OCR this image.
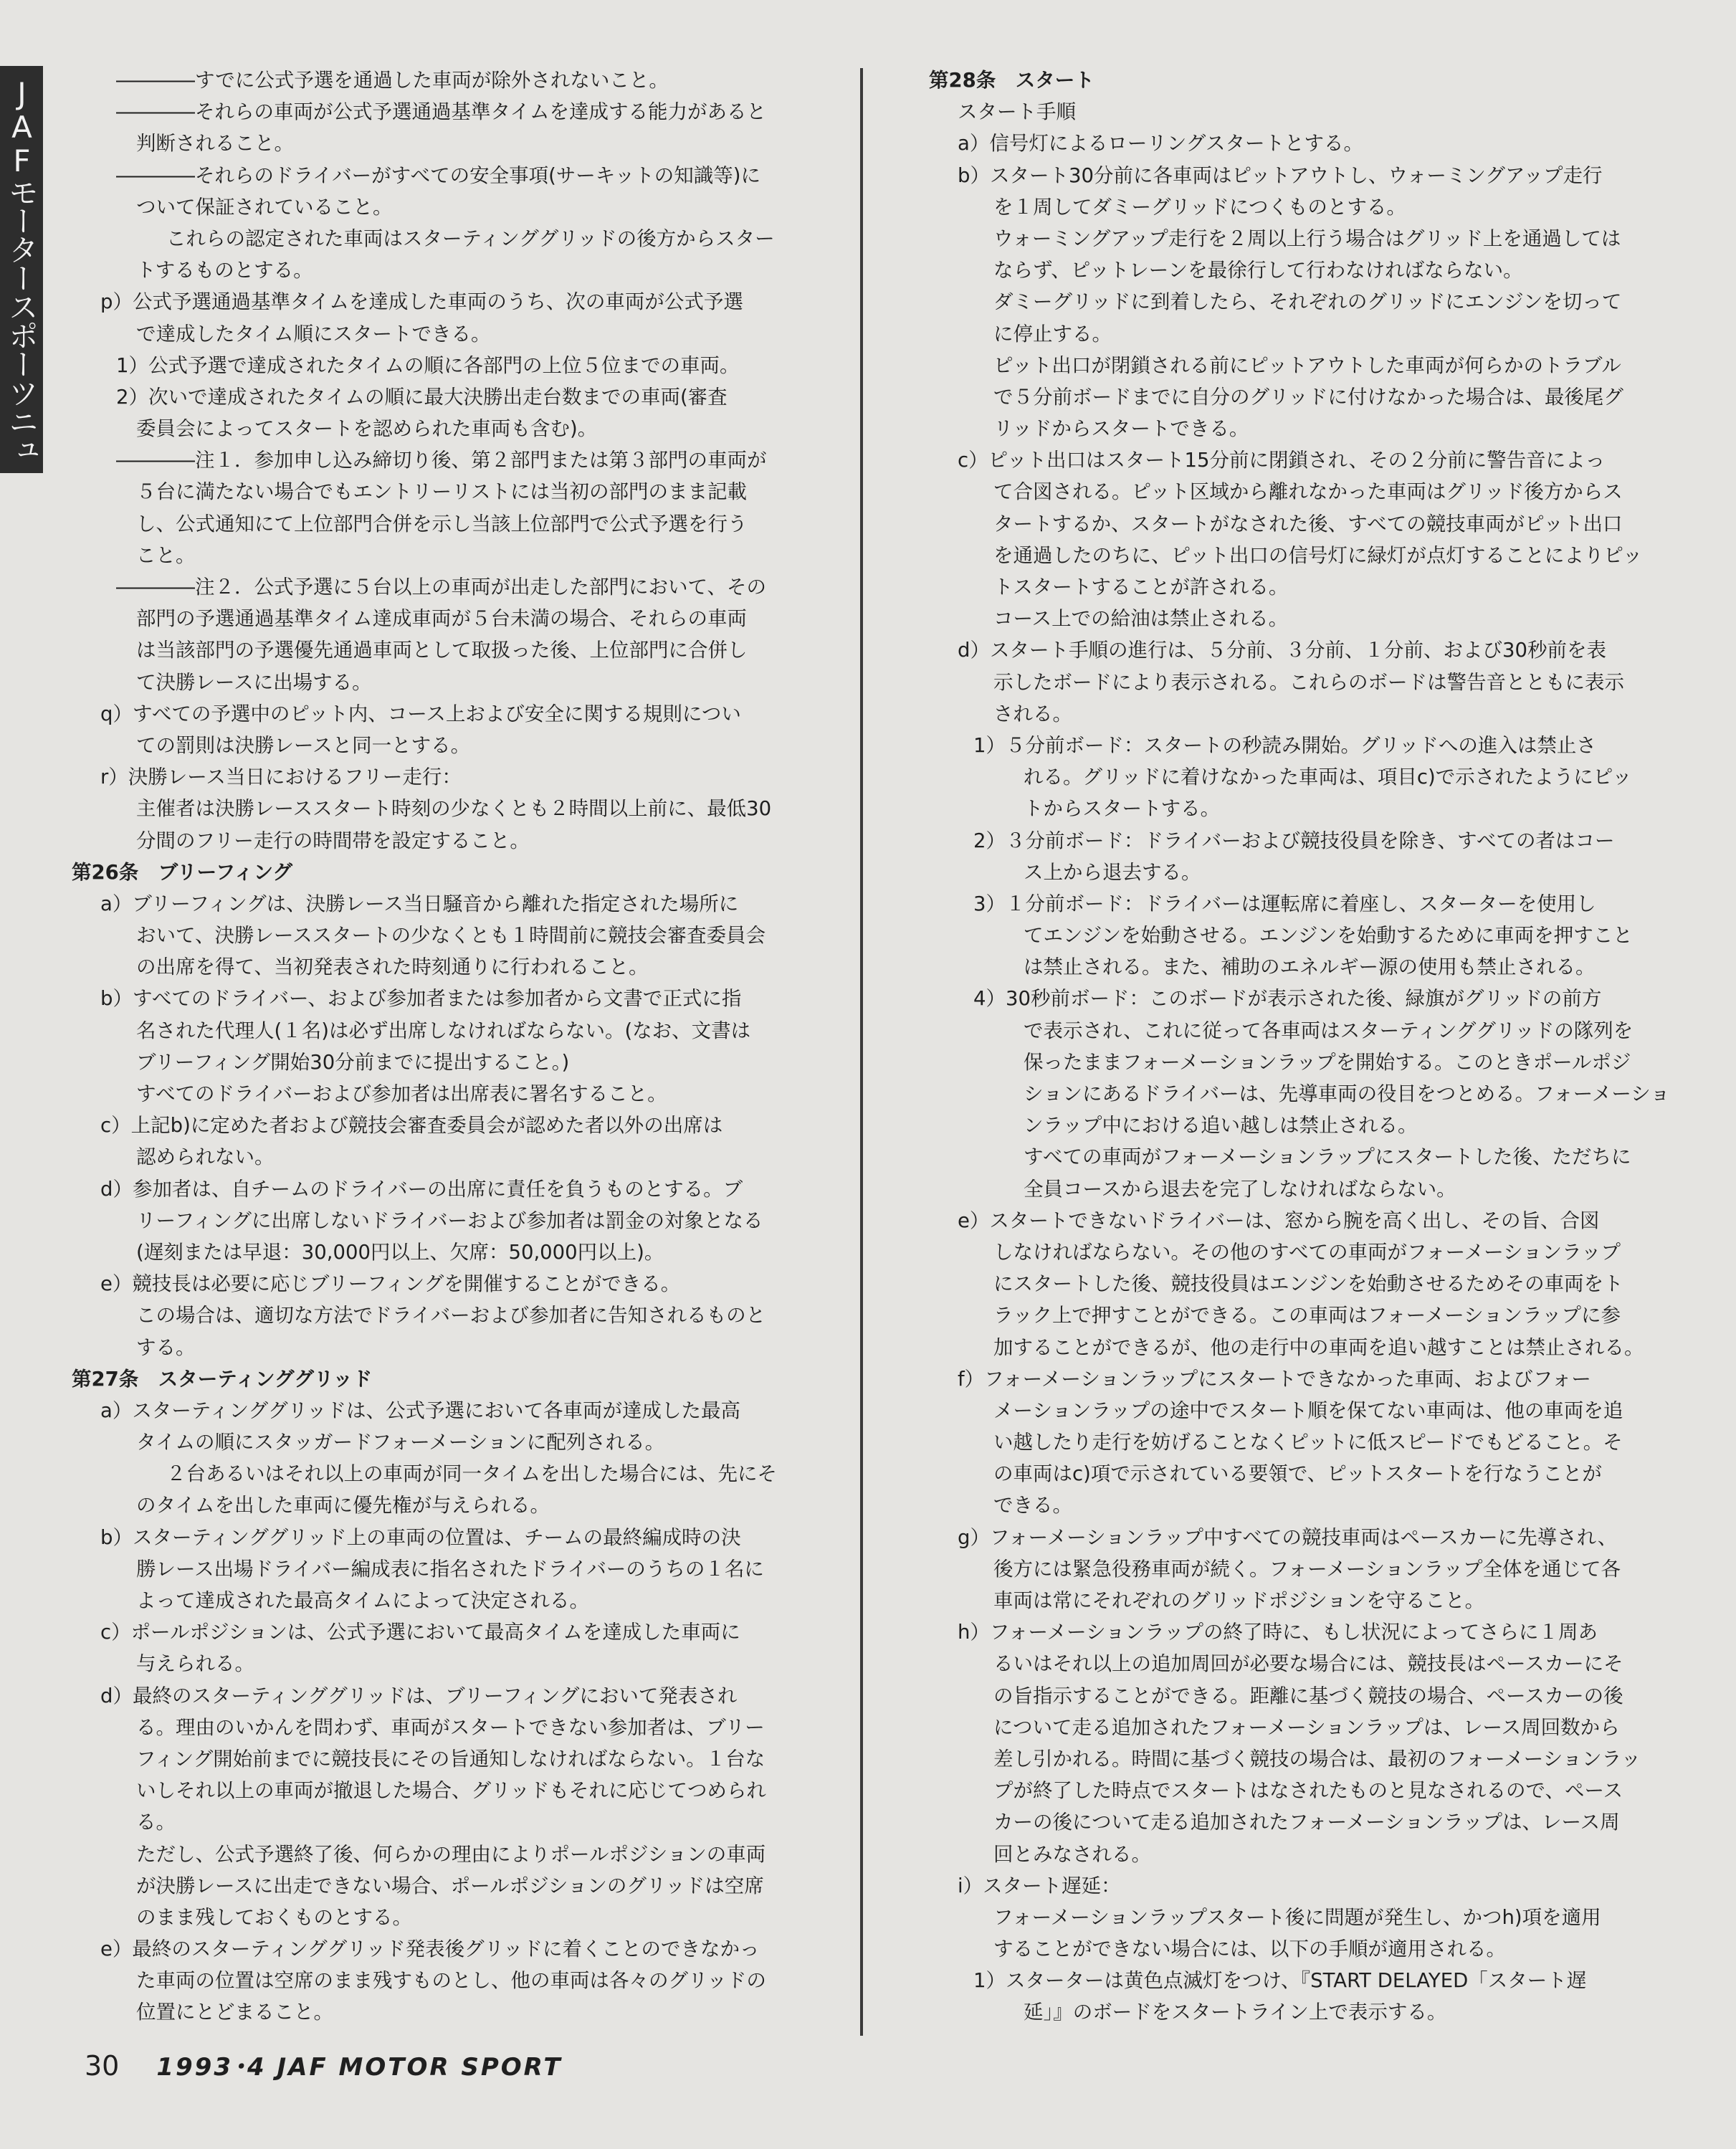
JAFモータースポーツニュ
――――すでに公式予選を通過した車両が除外されないこと。
――――それらの車両が公式予選通過基準タイムを達成する能力があると
判断されること。
――――それらのドライバーがすべての安全事項(サーキットの知識等)に
ついて保証されていること。
これらの認定された車両はスターティンググリッドの後方からスター
トするものとする。
p）公式予選通過基準タイムを達成した車両のうち、次の車両が公式予選
で達成したタイム順にスタートできる。
1）公式予選で達成されたタイムの順に各部門の上位５位までの車両。
2）次いで達成されたタイムの順に最大決勝出走台数までの車両(審査
委員会によってスタートを認められた車両も含む)。
――――注１．参加申し込み締切り後、第２部門または第３部門の車両が
５台に満たない場合でもエントリーリストには当初の部門のまま記載
し、公式通知にて上位部門合併を示し当該上位部門で公式予選を行う
こと。
――――注２．公式予選に５台以上の車両が出走した部門において、その
部門の予選通過基準タイム達成車両が５台未満の場合、それらの車両
は当該部門の予選優先通過車両として取扱った後、上位部門に合併し
て決勝レースに出場する。
q）すべての予選中のピット内、コース上および安全に関する規則につい
ての罰則は決勝レースと同一とする。
r）決勝レース当日におけるフリー走行：
主催者は決勝レーススタート時刻の少なくとも２時間以上前に、最低30
分間のフリー走行の時間帯を設定すること。
第26条　ブリーフィング
a）ブリーフィングは、決勝レース当日騒音から離れた指定された場所に
おいて、決勝レーススタートの少なくとも１時間前に競技会審査委員会
の出席を得て、当初発表された時刻通りに行われること。
b）すべてのドライバー、および参加者または参加者から文書で正式に指
名された代理人(１名)は必ず出席しなければならない。(なお、文書は
ブリーフィング開始30分前までに提出すること。)
すべてのドライバーおよび参加者は出席表に署名すること。
c）上記b)に定めた者および競技会審査委員会が認めた者以外の出席は
認められない。
d）参加者は、自チームのドライバーの出席に責任を負うものとする。ブ
リーフィングに出席しないドライバーおよび参加者は罰金の対象となる
(遅刻または早退：30,000円以上、欠席：50,000円以上)。
e）競技長は必要に応じブリーフィングを開催することができる。
この場合は、適切な方法でドライバーおよび参加者に告知されるものと
する。
第27条　スターティンググリッド
a）スターティンググリッドは、公式予選において各車両が達成した最高
タイムの順にスタッガードフォーメーションに配列される。
２台あるいはそれ以上の車両が同一タイムを出した場合には、先にそ
のタイムを出した車両に優先権が与えられる。
b）スターティンググリッド上の車両の位置は、チームの最終編成時の決
勝レース出場ドライバー編成表に指名されたドライバーのうちの１名に
よって達成された最高タイムによって決定される。
c）ポールポジションは、公式予選において最高タイムを達成した車両に
与えられる。
d）最終のスターティンググリッドは、ブリーフィングにおいて発表され
る。理由のいかんを問わず、車両がスタートできない参加者は、ブリー
フィング開始前までに競技長にその旨通知しなければならない。１台な
いしそれ以上の車両が撤退した場合、グリッドもそれに応じてつめられ
る。
ただし、公式予選終了後、何らかの理由によりポールポジションの車両
が決勝レースに出走できない場合、ポールポジションのグリッドは空席
のまま残しておくものとする。
e）最終のスターティンググリッド発表後グリッドに着くことのできなかっ
た車両の位置は空席のまま残すものとし、他の車両は各々のグリッドの
位置にとどまること。
第28条　スタート
スタート手順
a）信号灯によるローリングスタートとする。
b）スタート30分前に各車両はピットアウトし、ウォーミングアップ走行
を１周してダミーグリッドにつくものとする。
ウォーミングアップ走行を２周以上行う場合はグリッド上を通過しては
ならず、ピットレーンを最徐行して行わなければならない。
ダミーグリッドに到着したら、それぞれのグリッドにエンジンを切って
に停止する。
ピット出口が閉鎖される前にピットアウトした車両が何らかのトラブル
で５分前ボードまでに自分のグリッドに付けなかった場合は、最後尾グ
リッドからスタートできる。
c）ピット出口はスタート15分前に閉鎖され、その２分前に警告音によっ
て合図される。ピット区域から離れなかった車両はグリッド後方からス
タートするか、スタートがなされた後、すべての競技車両がピット出口
を通過したのちに、ピット出口の信号灯に緑灯が点灯することによりピッ
トスタートすることが許される。
コース上での給油は禁止される。
d）スタート手順の進行は、５分前、３分前、１分前、および30秒前を表
示したボードにより表示される。これらのボードは警告音とともに表示
される。
1）５分前ボード：スタートの秒読み開始。グリッドへの進入は禁止さ
れる。グリッドに着けなかった車両は、項目c)で示されたようにピッ
トからスタートする。
2）３分前ボード：ドライバーおよび競技役員を除き、すべての者はコー
ス上から退去する。
3）１分前ボード：ドライバーは運転席に着座し、スターターを使用し
てエンジンを始動させる。エンジンを始動するために車両を押すこと
は禁止される。また、補助のエネルギー源の使用も禁止される。
4）30秒前ボード：このボードが表示された後、緑旗がグリッドの前方
で表示され、これに従って各車両はスターティンググリッドの隊列を
保ったままフォーメーションラップを開始する。このときポールポジ
ションにあるドライバーは、先導車両の役目をつとめる。フォーメーショ
ンラップ中における追い越しは禁止される。
すべての車両がフォーメーションラップにスタートした後、ただちに
全員コースから退去を完了しなければならない。
e）スタートできないドライバーは、窓から腕を高く出し、その旨、合図
しなければならない。その他のすべての車両がフォーメーションラップ
にスタートした後、競技役員はエンジンを始動させるためその車両をト
ラック上で押すことができる。この車両はフォーメーションラップに参
加することができるが、他の走行中の車両を追い越すことは禁止される。
f）フォーメーションラップにスタートできなかった車両、およびフォー
メーションラップの途中でスタート順を保てない車両は、他の車両を追
い越したり走行を妨げることなくピットに低スピードでもどること。そ
の車両はc)項で示されている要領で、ピットスタートを行なうことが
できる。
g）フォーメーションラップ中すべての競技車両はペースカーに先導され、
後方には緊急役務車両が続く。フォーメーションラップ全体を通じて各
車両は常にそれぞれのグリッドポジションを守ること。
h）フォーメーションラップの終了時に、もし状況によってさらに１周あ
るいはそれ以上の追加周回が必要な場合には、競技長はペースカーにそ
の旨指示することができる。距離に基づく競技の場合、ペースカーの後
について走る追加されたフォーメーションラップは、レース周回数から
差し引かれる。時間に基づく競技の場合は、最初のフォーメーションラッ
プが終了した時点でスタートはなされたものと見なされるので、ペース
カーの後について走る追加されたフォーメーションラップは、レース周
回とみなされる。
i）スタート遅延：
フォーメーションラップスタート後に問題が発生し、かつh)項を適用
することができない場合には、以下の手順が適用される。
1）スターターは黄色点滅灯をつけ、『START DELAYED「スタート遅
延」』のボードをスタートライン上で表示する。
30 1993･4 JAF MOTOR SPORT
